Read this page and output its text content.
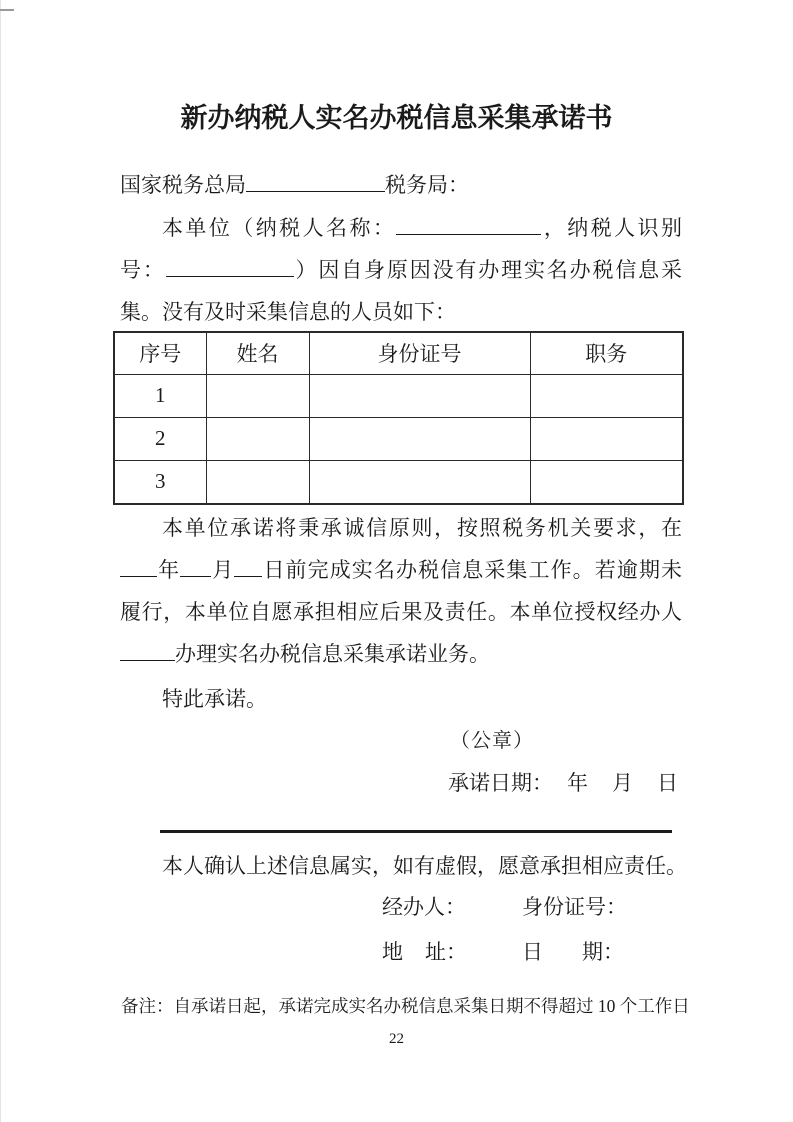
新办纳税人实名办税信息采集承诺书
国家税务总局	税务局：
本单位（纳税人名称：	，纳税人识别
号：	）因自身原因没有办理实名办税信息采
集。没有及时采集信息的人员如下：
序号	姓名	身份证号	职务
1			
2			
3			
本单位承诺将秉承诚信原则，按照税务机关要求，在
年 月 日前完成实名办税信息采集工作。若逾期未
履行，本单位自愿承担相应后果及责任。本单位授权经办人
办理实名办税信息采集承诺业务。
特此承诺。
（公章）
承诺日期： 年 月 日
本人确认上述信息属实，如有虚假，愿意承担相应责任。
经办人：	身份证号：
地 址：	日 期：
备注：自承诺日起，承诺完成实名办税信息采集日期不得超过 10 个工作日
22
